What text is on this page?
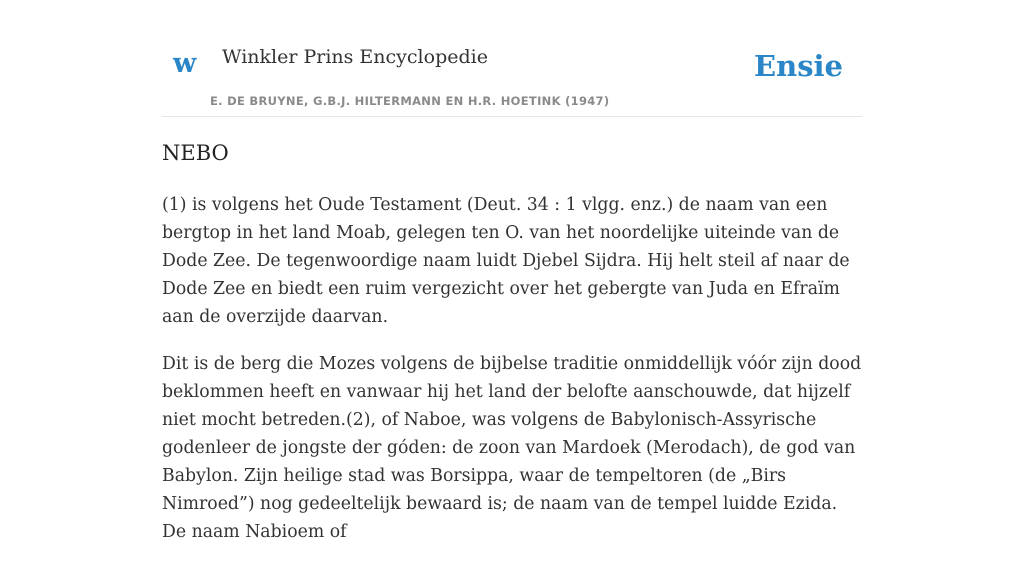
w Winkler Prins Encyclopedie
E. DE BRUYNE, G.B.J. HILTERMANN EN H.R. HOETINK (1947)
Ensie
NEBO

(1) is volgens het Oude Testament (Deut. 34 : 1 vlgg. enz.) de naam van een bergtop in het land Moab, gelegen ten O. van het noordelijke uiteinde van de Dode Zee. De tegenwoordige naam luidt Djebel Sijdra. Hij helt steil af naar de Dode Zee en biedt een ruim vergezicht over het gebergte van Juda en Efraïm aan de overzijde daarvan.

Dit is de berg die Mozes volgens de bijbelse traditie onmiddellijk vóór zijn dood beklommen heeft en vanwaar hij het land der belofte aanschouwde, dat hijzelf niet mocht betreden.(2), of Naboe, was volgens de Babylonisch-Assyrische godenleer de jongste der góden: de zoon van Mardoek (Merodach), de god van Babylon. Zijn heilige stad was Borsippa, waar de tempeltoren (de „Birs Nimroed”) nog gedeeltelijk bewaard is; de naam van de tempel luidde Ezida. De naam Nabioem of
